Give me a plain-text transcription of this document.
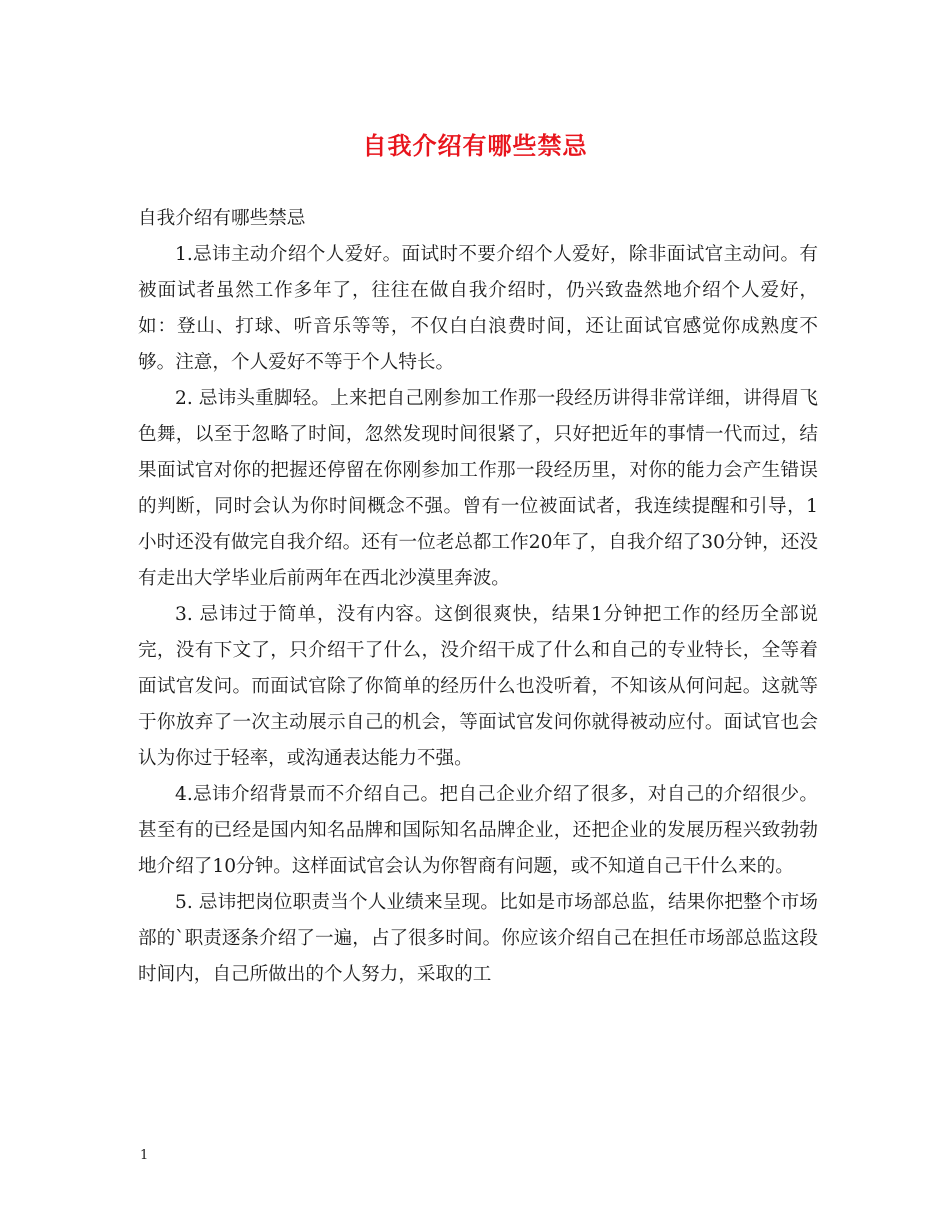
自我介绍有哪些禁忌

自我介绍有哪些禁忌

1.忌讳主动介绍个人爱好。面试时不要介绍个人爱好，除非面试官主动问。有被面试者虽然工作多年了，往往在做自我介绍时，仍兴致盎然地介绍个人爱好，如：登山、打球、听音乐等等，不仅白白浪费时间，还让面试官感觉你成熟度不够。注意，个人爱好不等于个人特长。

2. 忌讳头重脚轻。上来把自己刚参加工作那一段经历讲得非常详细，讲得眉飞色舞，以至于忽略了时间，忽然发现时间很紧了，只好把近年的事情一代而过，结果面试官对你的把握还停留在你刚参加工作那一段经历里，对你的能力会产生错误的判断，同时会认为你时间概念不强。曾有一位被面试者，我连续提醒和引导，1小时还没有做完自我介绍。还有一位老总都工作20年了，自我介绍了30分钟，还没有走出大学毕业后前两年在西北沙漠里奔波。

3. 忌讳过于简单，没有内容。这倒很爽快，结果1分钟把工作的经历全部说完，没有下文了，只介绍干了什么，没介绍干成了什么和自己的专业特长，全等着面试官发问。而面试官除了你简单的经历什么也没听着，不知该从何问起。这就等于你放弃了一次主动展示自己的机会，等面试官发问你就得被动应付。面试官也会认为你过于轻率，或沟通表达能力不强。

4.忌讳介绍背景而不介绍自己。把自己企业介绍了很多，对自己的介绍很少。甚至有的已经是国内知名品牌和国际知名品牌企业，还把企业的发展历程兴致勃勃地介绍了10分钟。这样面试官会认为你智商有问题，或不知道自己干什么来的。

5. 忌讳把岗位职责当个人业绩来呈现。比如是市场部总监，结果你把整个市场部的`职责逐条介绍了一遍，占了很多时间。你应该介绍自己在担任市场部总监这段时间内，自己所做出的个人努力，采取的工

1
